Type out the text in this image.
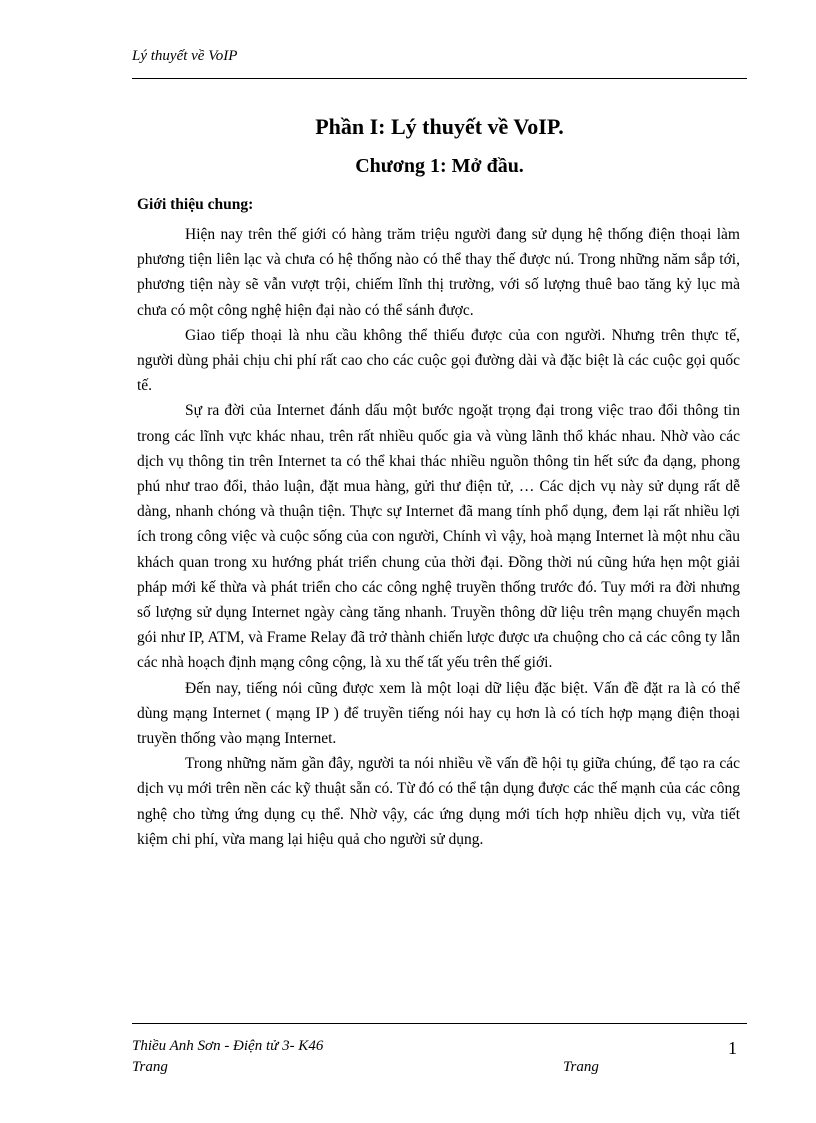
Lý thuyết về VoIP
Phần I: Lý thuyết về VoIP.
Chương 1: Mở đầu.
Giới thiệu chung:

Hiện nay trên thế giới có hàng trăm triệu người đang sử dụng hệ thống điện thoại làm phương tiện liên lạc và chưa có hệ thống nào có thể thay thế được nú. Trong những năm sắp tới, phương tiện này sẽ vẫn vượt trội, chiếm lĩnh thị trường, với số lượng thuê bao tăng kỷ lục mà chưa có một công nghệ hiện đại nào có thể sánh được.

Giao tiếp thoại là nhu cầu không thể thiếu được của con người. Nhưng trên thực tế, người dùng phải chịu chi phí rất cao cho các cuộc gọi đường dài và đặc biệt là các cuộc gọi quốc tế.

Sự ra đời của Internet đánh dấu một bước ngoặt trọng đại trong việc trao đổi thông tin trong các lĩnh vực khác nhau, trên rất nhiều quốc gia và vùng lãnh thổ khác nhau. Nhờ vào các dịch vụ thông tin trên Internet ta có thể khai thác nhiều nguồn thông tin hết sức đa dạng, phong phú như trao đổi, thảo luận, đặt mua hàng, gửi thư điện tử, … Các dịch vụ này sử dụng rất dễ dàng, nhanh chóng và thuận tiện. Thực sự Internet đã mang tính phổ dụng, đem lại rất nhiều lợi ích trong công việc và cuộc sống của con người, Chính vì vậy, hoà mạng Internet là một nhu cầu khách quan trong xu hướng phát triển chung của thời đại. Đồng thời nú cũng hứa hẹn một giải pháp mới kế thừa và phát triển cho các công nghệ truyền thống trước đó. Tuy mới ra đời nhưng số lượng sử dụng Internet ngày càng tăng nhanh. Truyền thông dữ liệu trên mạng chuyển mạch gói như IP, ATM, và Frame Relay đã trở thành chiến lược được ưa chuộng cho cả các công ty lẫn các nhà hoạch định mạng công cộng, là xu thế tất yếu trên thế giới.

Đến nay, tiếng nói cũng được xem là một loại dữ liệu đặc biệt. Vấn đề đặt ra là có thể dùng mạng Internet ( mạng IP ) để truyền tiếng nói hay cụ hơn là có tích hợp mạng điện thoại truyền thống vào mạng Internet.

Trong những năm gần đây, người ta nói nhiều về vấn đề hội tụ giữa chúng, để tạo ra các dịch vụ mới trên nền các kỹ thuật sẵn có. Từ đó có thể tận dụng được các thế mạnh của các công nghệ cho từng ứng dụng cụ thể. Nhờ vậy, các ứng dụng mới tích hợp nhiều dịch vụ, vừa tiết kiệm chi phí, vừa mang lại hiệu quả cho người sử dụng.

Thiều Anh Sơn - Điện tử 3- K46
Trang	Trang
1
